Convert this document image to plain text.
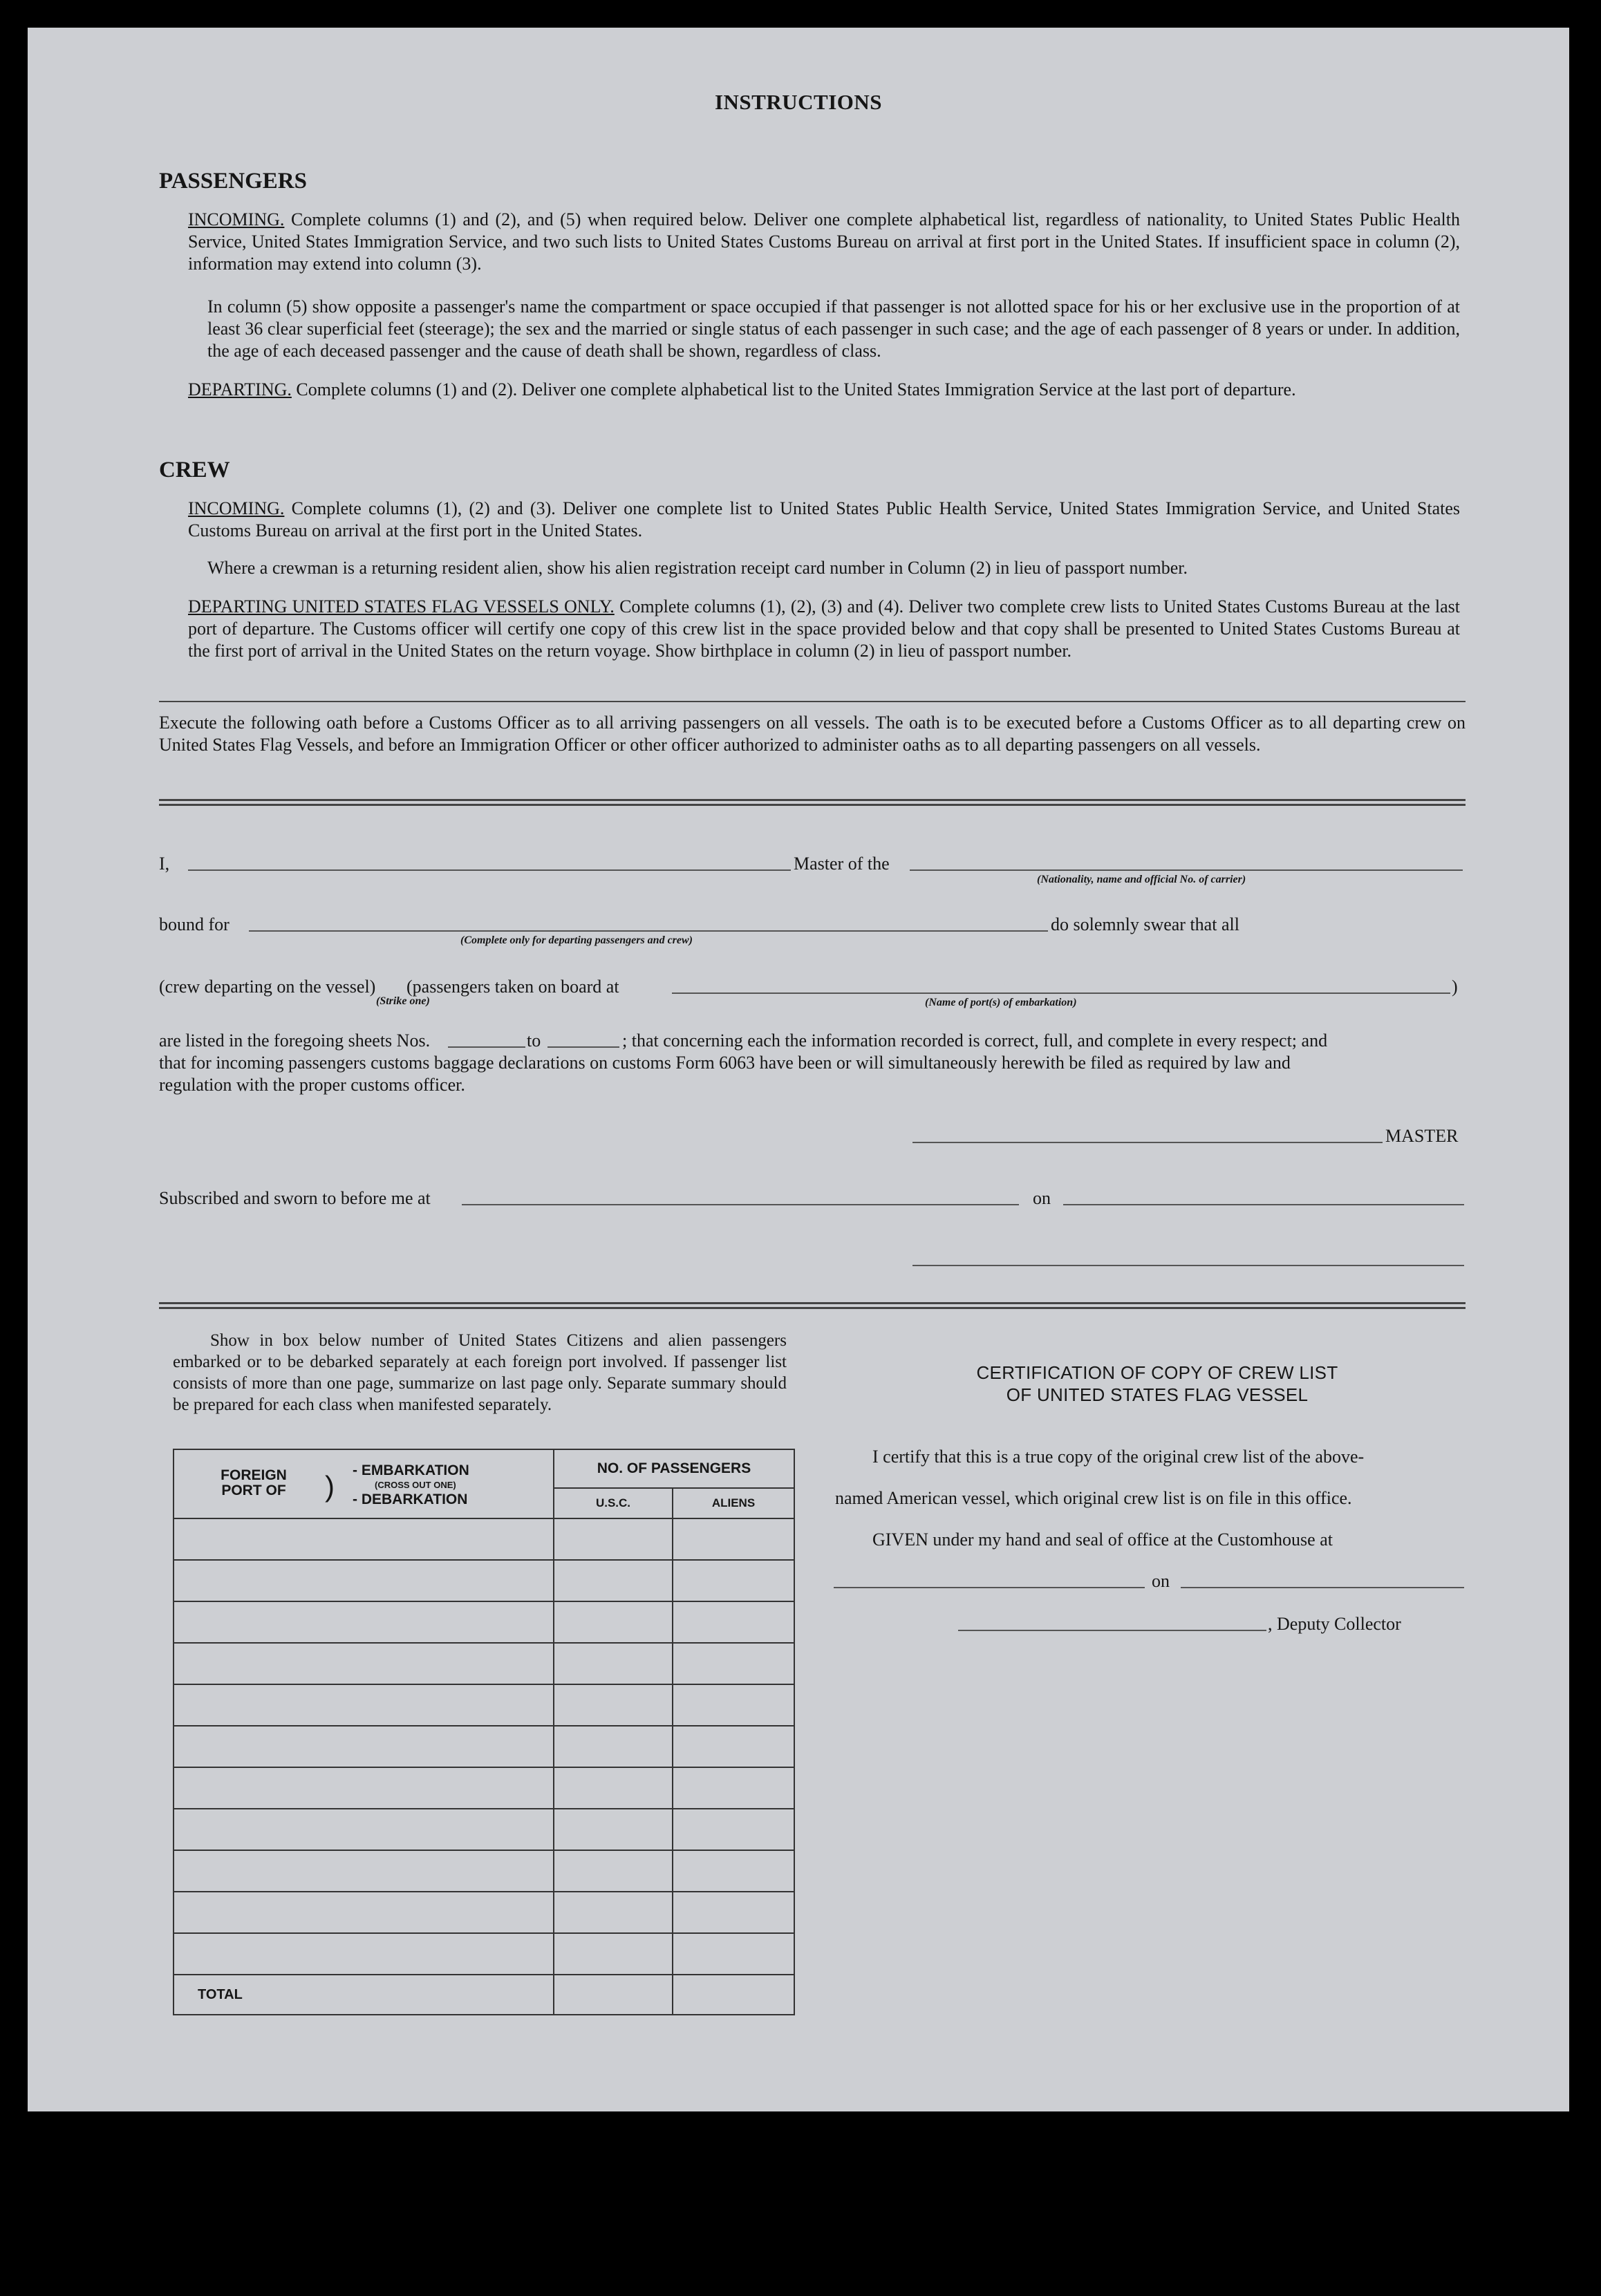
INSTRUCTIONS
PASSENGERS
INCOMING. Complete columns (1) and (2), and (5) when required below. Deliver one complete alphabetical list, regardless of nationality, to United States Public Health Service, United States Immigration Service, and two such lists to United States Customs Bureau on arrival at first port in the United States. If insufficient space in column (2), information may extend into column (3).
In column (5) show opposite a passenger's name the compartment or space occupied if that passenger is not allotted space for his or her exclusive use in the proportion of at least 36 clear superficial feet (steerage); the sex and the married or single status of each passenger in such case; and the age of each passenger of 8 years or under. In addition, the age of each deceased passenger and the cause of death shall be shown, regardless of class.
DEPARTING. Complete columns (1) and (2). Deliver one complete alphabetical list to the United States Immigration Service at the last port of departure.
CREW
INCOMING. Complete columns (1), (2) and (3). Deliver one complete list to United States Public Health Service, United States Immigration Service, and United States Customs Bureau on arrival at the first port in the United States.
Where a crewman is a returning resident alien, show his alien registration receipt card number in Column (2) in lieu of passport number.
DEPARTING UNITED STATES FLAG VESSELS ONLY. Complete columns (1), (2), (3) and (4). Deliver two complete crew lists to United States Customs Bureau at the last port of departure. The Customs officer will certify one copy of this crew list in the space provided below and that copy shall be presented to United States Customs Bureau at the first port of arrival in the United States on the return voyage. Show birthplace in column (2) in lieu of passport number.
Execute the following oath before a Customs Officer as to all arriving passengers on all vessels. The oath is to be executed before a Customs Officer as to all departing crew on United States Flag Vessels, and before an Immigration Officer or other officer authorized to administer oaths as to all departing passengers on all vessels.
I,	Master of the
(Nationality, name and official No. of carrier)
bound for	do solemnly swear that all
(Complete only for departing passengers and crew)
(crew departing on the vessel) (passengers taken on board at	)
(Strike one)	(Name of port(s) of embarkation)
are listed in the foregoing sheets Nos.	to	; that concerning each the information recorded is correct, full, and complete in every respect; and
that for incoming passengers customs baggage declarations on customs Form 6063 have been or will simultaneously herewith be filed as required by law and
regulation with the proper customs officer.
MASTER
Subscribed and sworn to before me at	on
Show in box below number of United States Citizens and alien passengers embarked or to be debarked separately at each foreign port involved. If passenger list consists of more than one page, summarize on last page only. Separate summary should be prepared for each class when manifested separately.
FOREIGN PORT OF ) - EMBARKATION
(CROSS OUT ONE)
- DEBARKATION	NO. OF PASSENGERS	
	U.S.C.	ALIENS

TOTAL		
CERTIFICATION OF COPY OF CREW LIST
OF UNITED STATES FLAG VESSEL
I certify that this is a true copy of the original crew list of the above-
named American vessel, which original crew list is on file in this office.
GIVEN under my hand and seal of office at the Customhouse at
on
, Deputy Collector
